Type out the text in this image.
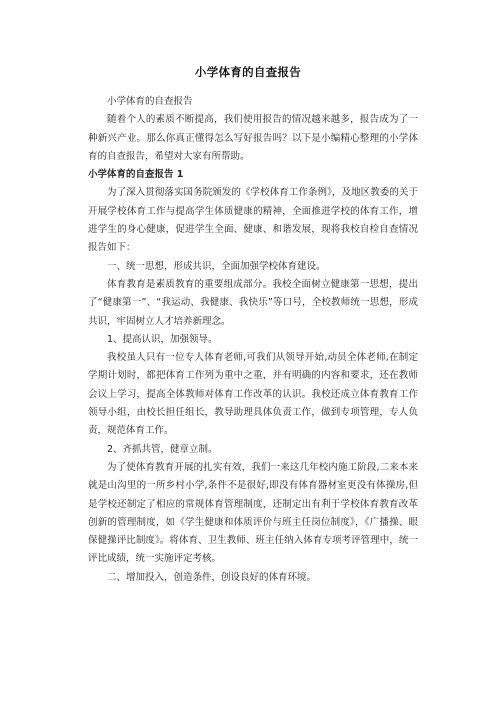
小学体育的自查报告

小学体育的自查报告

随着个人的素质不断提高，我们使用报告的情况越来越多，报告成为了一种新兴产业。那么你真正懂得怎么写好报告吗？以下是小编精心整理的小学体育的自查报告，希望对大家有所帮助。

小学体育的自查报告 1

为了深入贯彻落实国务院颁发的《学校体育工作条例》，及地区教委的关于开展学校体育工作与提高学生体质健康的精神，全面推进学校的体育工作，增进学生的身心健康，促进学生全面、健康、和谐发展，现将我校自检自查情况报告如下：

一、统一思想，形成共识，全面加强学校体育建设。

体育教育是素质教育的重要组成部分。我校全面树立健康第一思想，提出了“健康第一”、“我运动、我健康、我快乐”等口号，全校教师统一思想，形成共识，牢固树立人才培养新理念。

1、提高认识，加强领导。

我校虽人只有一位专人体育老师,可我们从领导开始,动员全体老师,在制定学期计划时，都把体育工作列为重中之重，并有明确的内容和要求，还在教师会议上学习，提高全体教师对体育工作改革的认识。我校还成立体育教育工作领导小组，由校长担任组长，教导助理具体负责工作，做到专项管理，专人负责，规范体育工作。

2、齐抓共管，健章立制。

为了使体育教育开展的扎实有效，我们一来这几年校内施工阶段,二来本来就是山沟里的一所乡村小学,条件不是很好,即没有体育器材室更没有体操房,但是学校还制定了相应的常规体育管理制度，还制定出有利于学校体育教育改革创新的管理制度，如《学生健康和体质评价与班主任岗位制度》，《广播操、眼保健操评比制度》。将体育、卫生教师、班主任纳入体育专项考评管理中，统一评比成绩，统一实施评定考核。

二、增加投入，创造条件，创设良好的体育环境。
